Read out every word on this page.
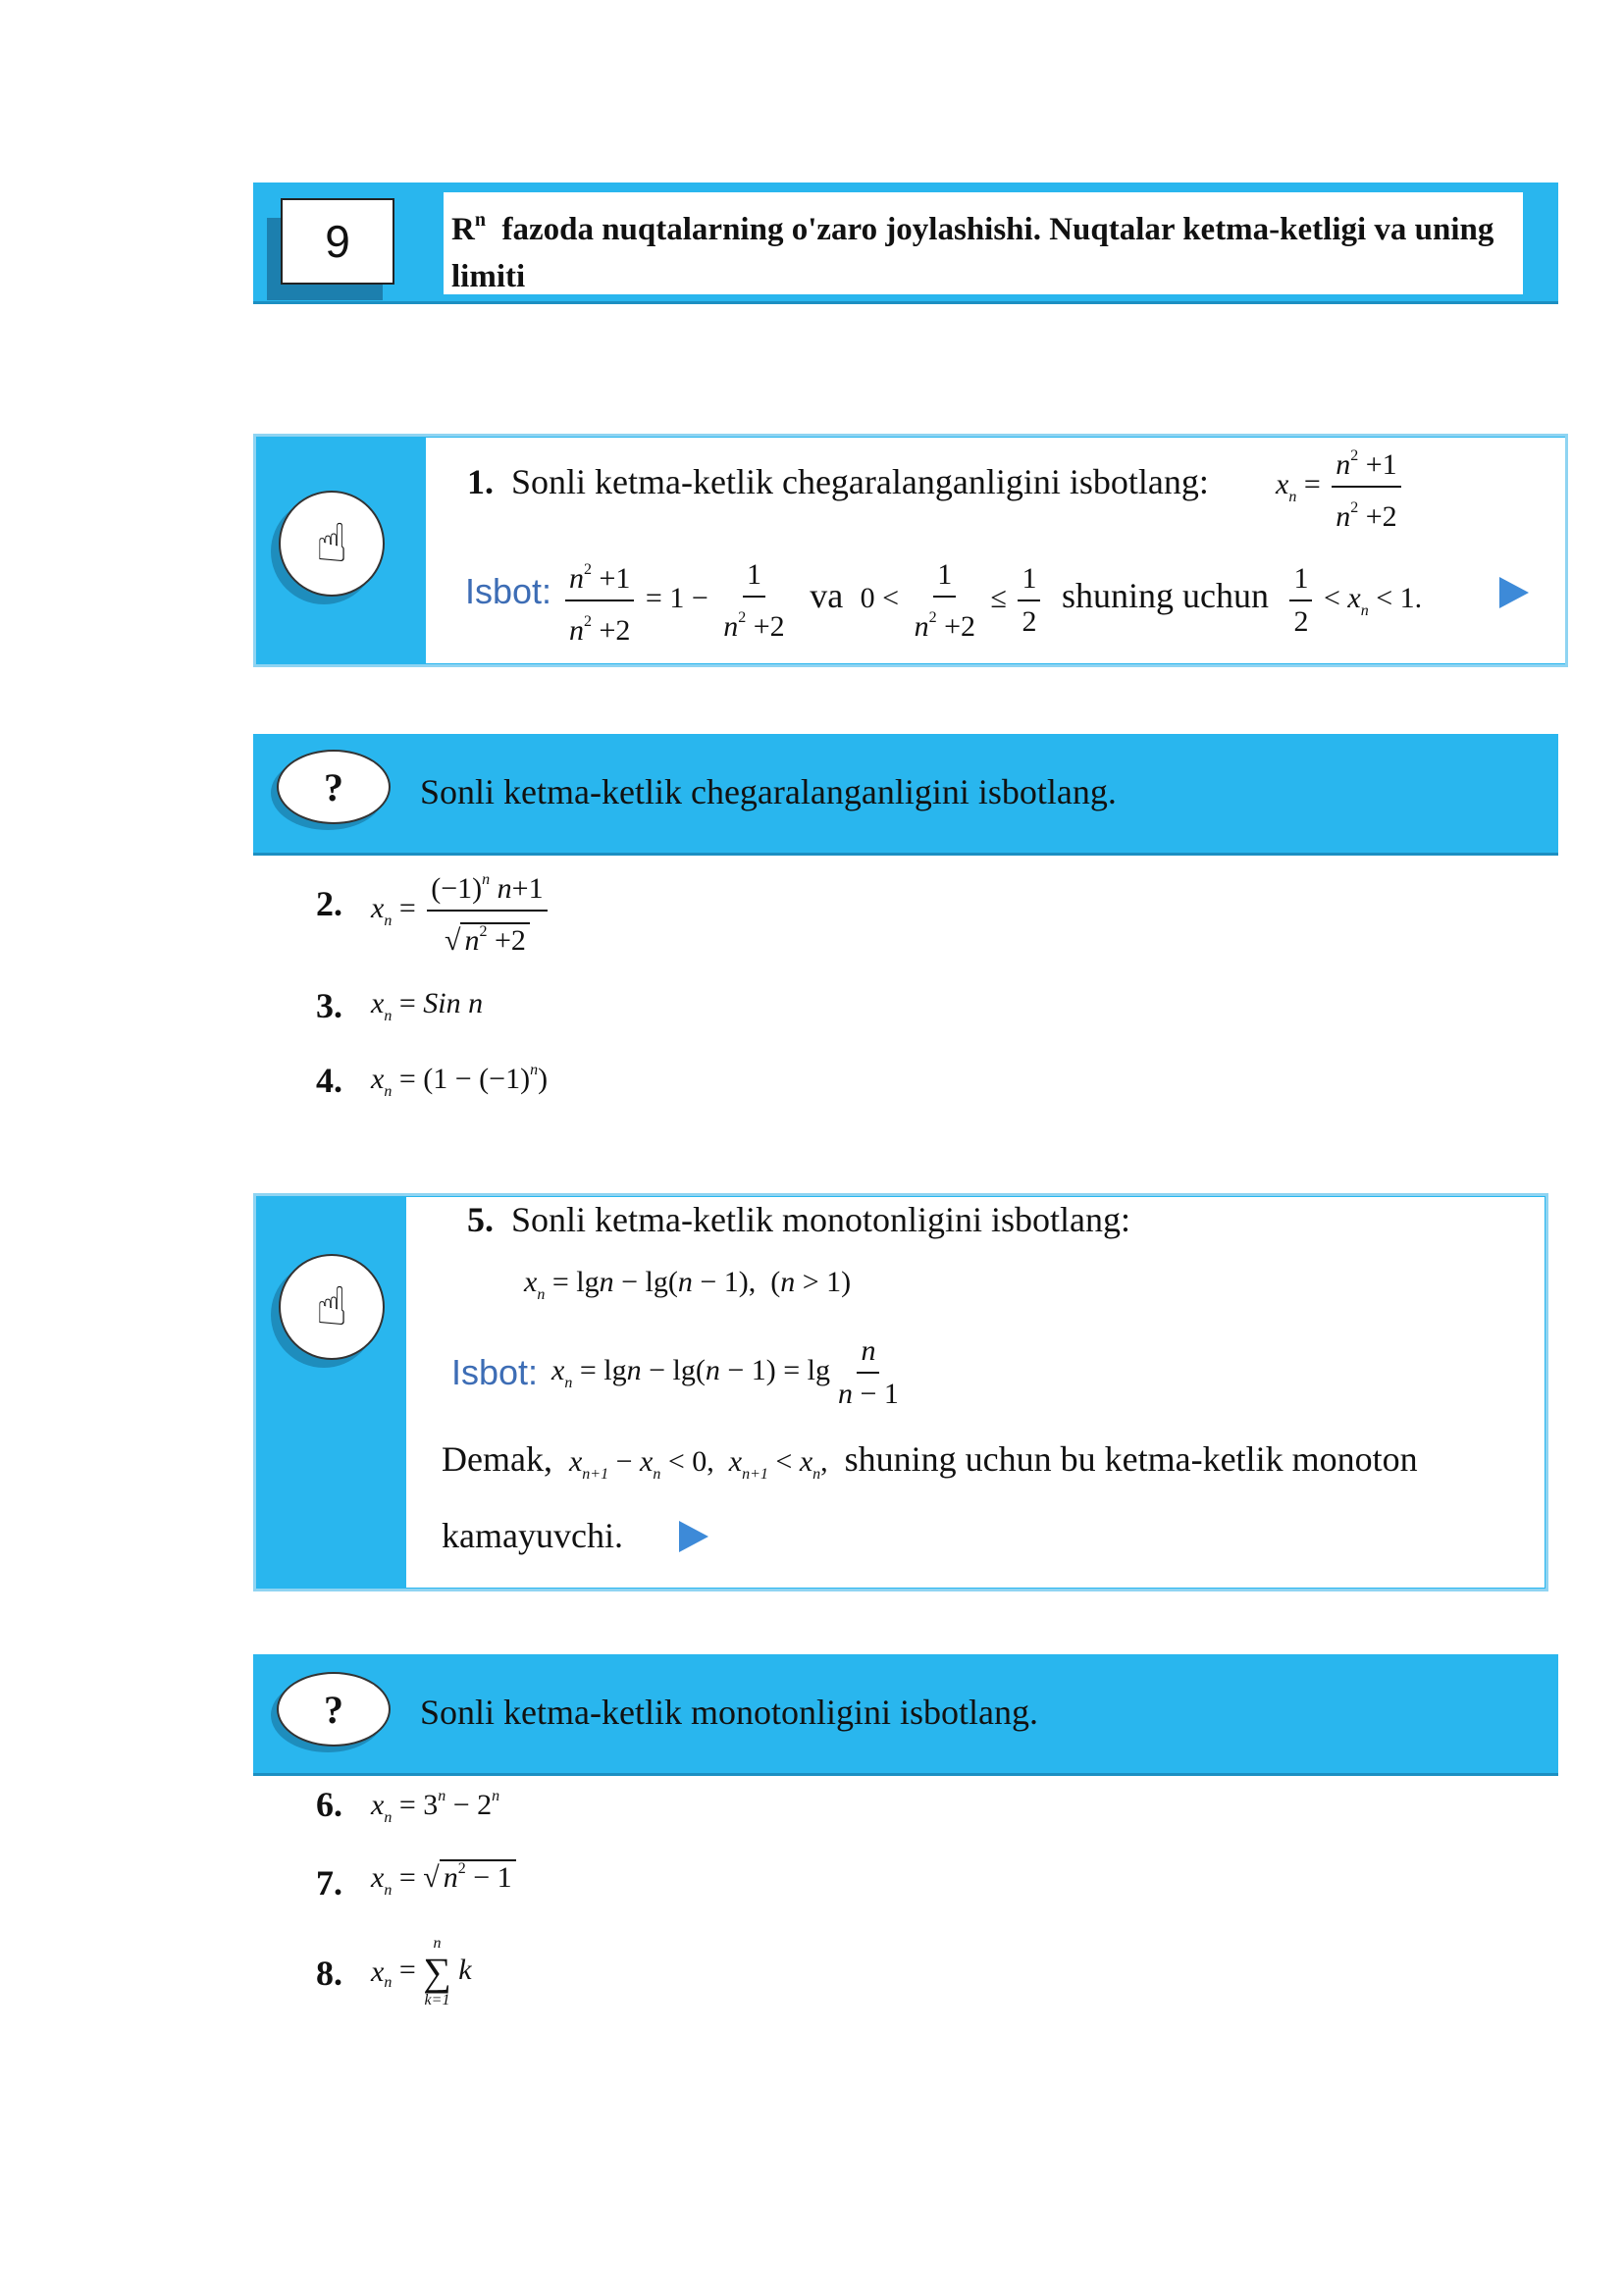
9	$R^n$ fazoda nuqtalarning o'zaro joylashishi. Nuqtalar ketma-ketligi va uning limiti
☝
1. Sonli ketma-ketlik chegaralanganligini isbotlang: $x_n = \frac{n^2 +1}{n^2 +2}$
Isbot: $\frac{n^2 +1}{n^2 +2} = 1 - \frac{1}{n^2 +2}$ va $0 < \frac{1}{n^2 +2} \le \frac{1}{2}$ shuning uchun $\frac{1}{2} < x_n < 1$.
?	Sonli ketma-ketlik chegaralanganligini isbotlang.
2. $x_n = \frac{(-1)^n n+1}{√ n^2 +2}$
3. $x_n$ = Sin n
4. $x_n = (1 - (-1)^n)$
☝
5. Sonli ketma-ketlik monotonligini isbotlang:
$x_n = \lg n - \lg(n - 1)$,  (n > 1)
Isbot: $x_n = \lg n - \lg(n - 1) = \lg \frac{n}{n - 1}$
Demak, $x_{n+1} - x_n < 0$,  $x_{n+1} < x_n$, shuning uchun bu ketma-ketlik monoton
kamayuvchi.
?	Sonli ketma-ketlik monotonligini isbotlang.
6. $x_n = 3^n - 2^n$
7. $x_n$ = √ $n^2 - 1$
8. $x_n$ =
n
∑
k=1
k
